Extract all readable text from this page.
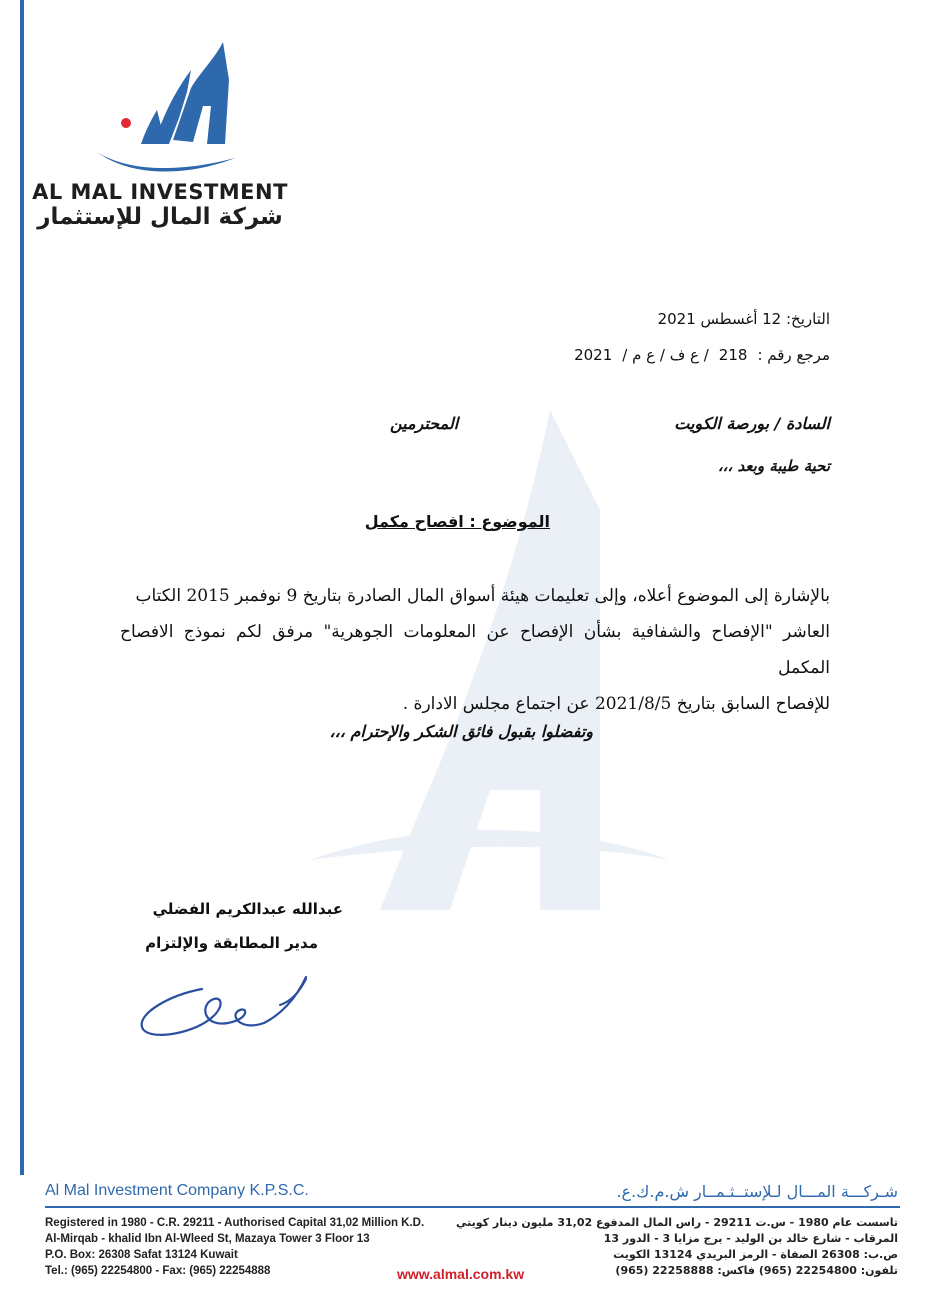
AL MAL INVESTMENT
شركة المال للإستثمار
التاريخ: 12 أغسطس 2021
مرجع رقم :218/ ع ف / ع م /2021
السادة / بورصة الكويت
المحترمين
تحية طيبة وبعد ،،،
الموضوع : افصاح مكمل

بالإشارة إلى الموضوع أعلاه، وإلى تعليمات هيئة أسواق المال الصادرة بتاريخ 9 نوفمبر 2015 الكتاب

العاشر "الإفصاح والشفافية بشأن الإفصاح عن المعلومات الجوهرية" مرفق لكم نموذج الافصاح المكمل

للإفصاح السابق بتاريخ 2021/8/5 عن اجتماع مجلس الادارة .

وتفضلوا بقبول فائق الشكر والإحترام ،،،
عبدالله عبدالكريم الفضلي
مدير المطابقة والإلتزام
Al Mal Investment Company K.P.S.C.	شـركـــة المـــال لـلإستــثـمــار ش.م.ك.ع.
Registered in 1980 - C.R. 29211 - Authorised Capital 31,02 Million K.D.
Al-Mirqab - khalid Ibn Al-Wleed St, Mazaya Tower 3 Floor 13
P.O. Box: 26308 Safat 13124 Kuwait
Tel.: (965) 22254800 - Fax: (965) 22254888
تاسست عام 1980 - س.ت 29211 - راس المال المدفوع 31,02 مليون دينار كويتي
المرقاب - شارع خالد بن الوليد - برج مزايا 3 - الدور 13
ص.ب: 26308 الصفاة - الرمز البريدي 13124 الكويت
تلفون: 22254800 (965) فاكس: 22258888 (965)
www.almal.com.kw
